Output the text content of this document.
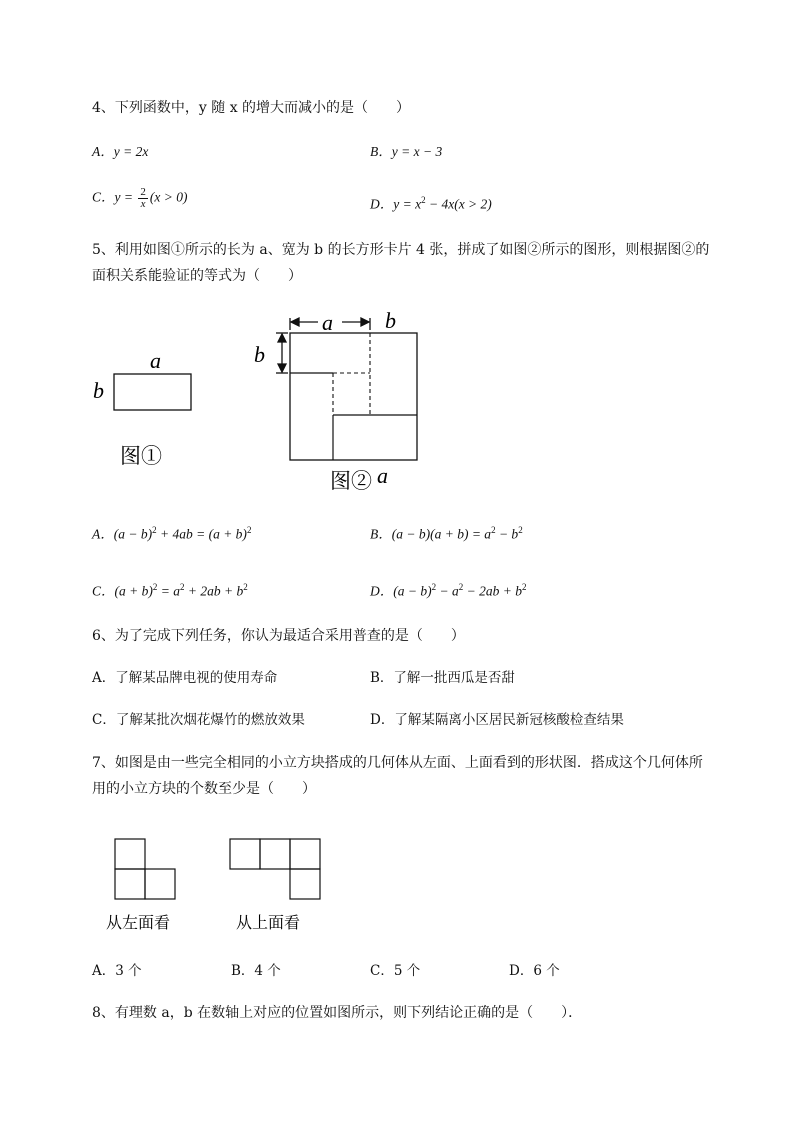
4、下列函数中，y 随 x 的增大而减小的是（　　）
A．y = 2x	B．y = x − 3
C．$y = \frac{2}{x} (x > 0)$	D．$y = x^2 - 4x(x > 2)$
5、利用如图①所示的长为 a、宽为 b 的长方形卡片 4 张，拼成了如图②所示的图形，则根据图②的
面积关系能验证的等式为（　　）
a
b
图①
a b
b
图② a
A．$(a - b)^2 + 4ab = (a + b)^2$	B．$(a - b)(a + b) = a^2 - b^2$
C．$(a + b)^2 = a^2 + 2ab + b^2$	D．$(a - b)^2 - a^2 - 2ab + b^2$
6、为了完成下列任务，你认为最适合采用普查的是（　　）
A．了解某品牌电视的使用寿命	B．了解一批西瓜是否甜
C．了解某批次烟花爆竹的燃放效果	D．了解某隔离小区居民新冠核酸检查结果
7、如图是由一些完全相同的小立方块搭成的几何体从左面、上面看到的形状图．搭成这个几何体所
用的小立方块的个数至少是（　　）
从左面看	从上面看
A．3 个	B．4 个	C．5 个	D．6 个
8、有理数 a，b 在数轴上对应的位置如图所示，则下列结论正确的是（　　）．
